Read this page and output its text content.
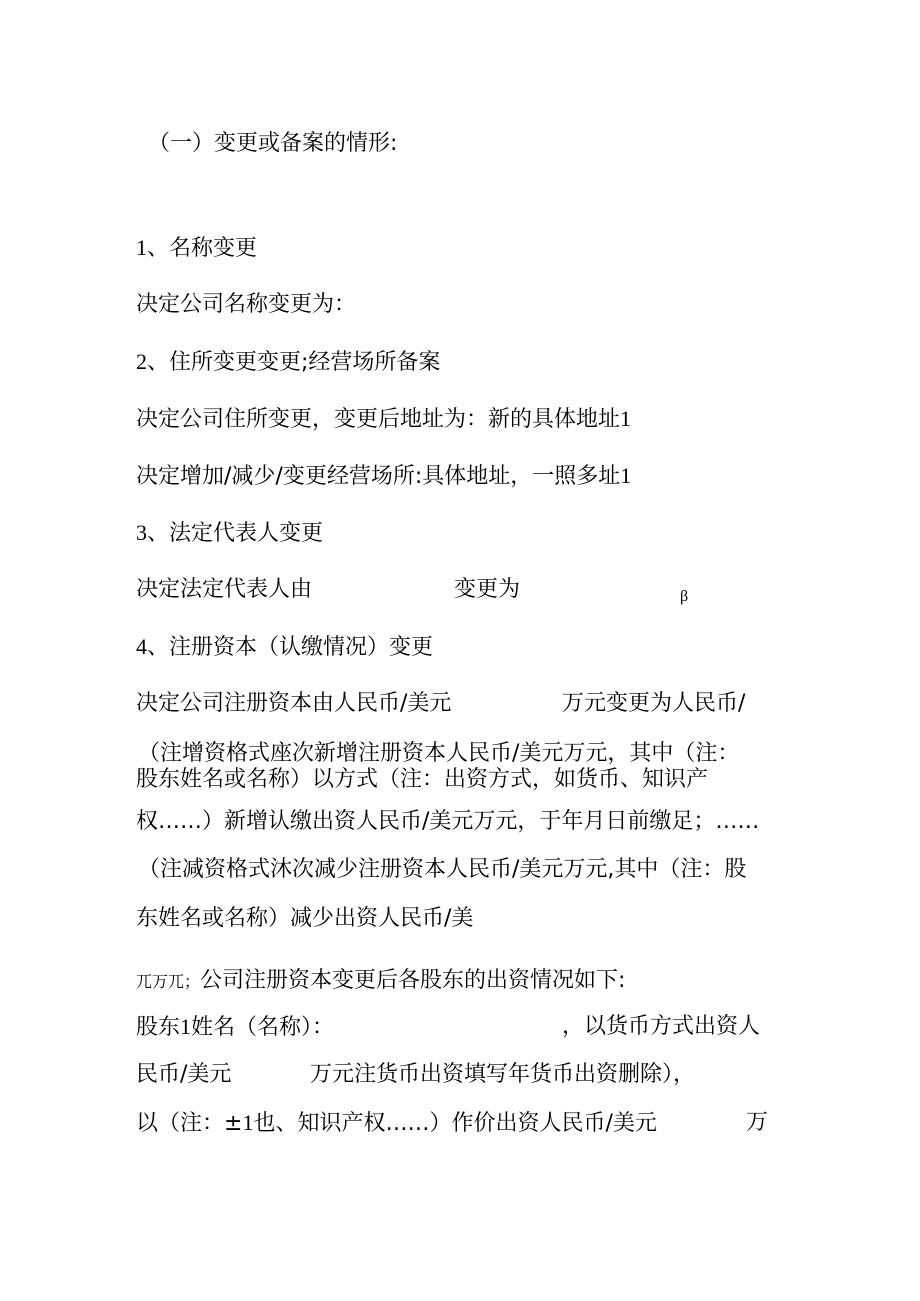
（一）变更或备案的情形:
1、名称变更
决定公司名称变更为：
2、住所变更变更;经营场所备案
决定公司住所变更，变更后地址为：新的具体地址1
决定增加/减少/变更经营场所:具体地址，一照多址1
3、法定代表人变更
决定法定代表人由	变更为	β
4、注册资本（认缴情况）变更
决定公司注册资本由人民币/美元	万元变更为人民币/
（注增资格式座次新增注册资本人民币/美元万元，其中（注：
股东姓名或名称）以方式（注：出资方式，如货币、知识产
权……）新增认缴出资人民币/美元万元，于年月日前缴足；……
（注减资格式沐次减少注册资本人民币/美元万元,其中（注：股
东姓名或名称）减少出资人民币/美
兀万兀；公司注册资本变更后各股东的出资情况如下:
股东1姓名（名称）：	，以货币方式出资人
民币/美元	万元注货币出资填写年货币出资删除），
以（注：±1也、知识产权……）作价出资人民币/美元	万
